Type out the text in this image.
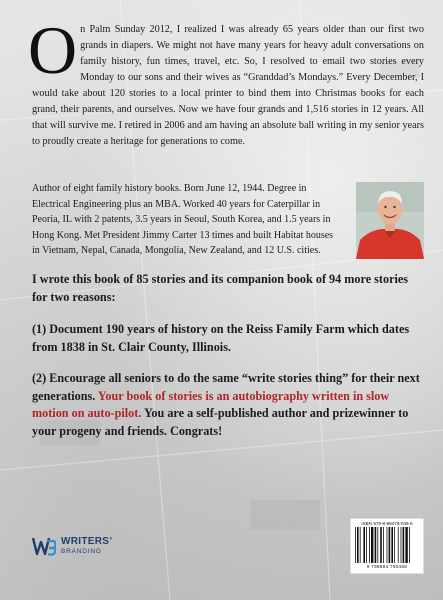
On Palm Sunday 2012, I realized I was already 65 years older than our first two grands in diapers. We might not have many years for heavy adult conversations on family history, fun times, travel, etc. So, I resolved to email two stories every Monday to our sons and their wives as “Granddad’s Mondays.” Every December, I would take about 120 stories to a local printer to bind them into Christmas books for each grand, their parents, and ourselves. Now we have four grands and 1,516 stories in 12 years. All that will survive me. I retired in 2006 and am having an absolute ball writing in my senior years to proudly create a heritage for generations to come.

Author of eight family history books. Born June 12, 1944. Degree in Electrical Engineering plus an MBA. Worked 40 years for Caterpillar in Peoria, IL with 2 patents, 3.5 years in Seoul, South Korea, and 1.5 years in Hong Kong. Met President Jimmy Carter 13 times and built Habitat houses in Vietnam, Nepal, Canada, Mongolia, New Zealand, and 12 U.S. cities.

I wrote this book of 85 stories and its companion book of 94 more stories for two reasons:

(1) Document 190 years of history on the Reiss Family Farm which dates from 1838 in St. Clair County, Illinois.

(2) Encourage all seniors to do the same “write stories thing” for their next generations. Your book of stories is an autobiography written in slow motion on auto-pilot. You are a self-published author and prizewinner to your progeny and friends. Congrats!

WRITERS’
BRANDING
ISBN 979-8-89479-046-6
9 798894 790466
